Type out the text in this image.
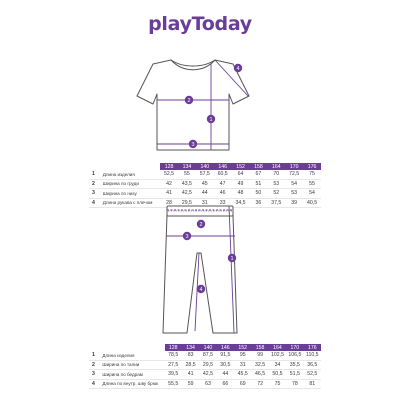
playToday
1
2
3
4
		128	134	140	146	152	158	164	170	176
1	Длина изделия	52,5	55	57,5	60,5	64	67	70	72,5	75
2	Ширина по груди	42	43,5	45	47	49	51	53	54	55
3	Ширина по низу	41	42,5	44	46	48	50	52	53	54
4	Длина рукава с плечом	28	29,5	31	33	34,5	36	37,5	39	40,5
1
2
3
4
		128	134	140	146	152	158	164	170	176
1	Длина изделия	78,5	83	87,5	91,5	95	99	102,5	106,5	110,5
2	Ширина по талии	27,5	28,5	29,5	30,5	31	32,5	34	35,5	36,5
3	Ширина по бедрам	39,5	41	42,5	44	45,5	46,5	50,5	51,5	52,5
4	Длина по внутр. шву брюк	55,5	59	63	66	69	72	75	78	81
